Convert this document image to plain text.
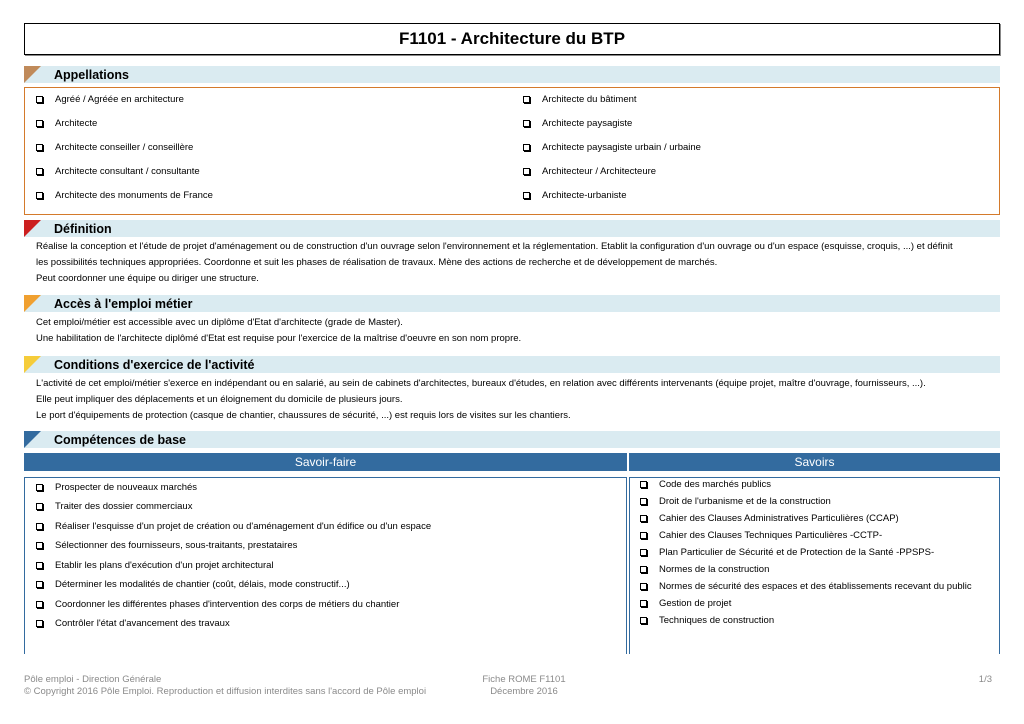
F1101 - Architecture du BTP
Appellations
Agréé / Agréée en architecture
Architecte
Architecte conseiller / conseillère
Architecte consultant / consultante
Architecte des monuments de France
Architecte du bâtiment
Architecte paysagiste
Architecte paysagiste urbain / urbaine
Architecteur / Architecteure
Architecte-urbaniste
Définition
Réalise la conception et l'étude de projet d'aménagement ou de construction d'un ouvrage selon l'environnement et la réglementation. Etablit la configuration d'un ouvrage ou d'un espace (esquisse, croquis, ...) et définit
les possibilités techniques appropriées. Coordonne et suit les phases de réalisation de travaux. Mène des actions de recherche et de développement de marchés.
Peut coordonner une équipe ou diriger une structure.
Accès à l'emploi métier
Cet emploi/métier est accessible avec un diplôme d'Etat d'architecte (grade de Master).
Une habilitation de l'architecte diplômé d'Etat est requise pour l'exercice de la maîtrise d'oeuvre en son nom propre.
Conditions d'exercice de l'activité
L'activité de cet emploi/métier s'exerce en indépendant ou en salarié, au sein de cabinets d'architectes, bureaux d'études, en relation avec différents intervenants (équipe projet, maître d'ouvrage, fournisseurs, ...).
Elle peut impliquer des déplacements et un éloignement du domicile de plusieurs jours.
Le port d'équipements de protection (casque de chantier, chaussures de sécurité, ...) est requis lors de visites sur les chantiers.
Compétences de base
Savoir-faire	Savoirs
Prospecter de nouveaux marchés
Traiter des dossier commerciaux
Réaliser l'esquisse d'un projet de création ou d'aménagement d'un édifice ou d'un espace
Sélectionner des fournisseurs, sous-traitants, prestataires
Etablir les plans d'exécution d'un projet architectural
Déterminer les modalités de chantier (coût, délais, mode constructif...)
Coordonner les différentes phases d'intervention des corps de métiers du chantier
Contrôler l'état d'avancement des travaux
Code des marchés publics
Droit de l'urbanisme et de la construction
Cahier des Clauses Administratives Particulières (CCAP)
Cahier des Clauses Techniques Particulières -CCTP-
Plan Particulier de Sécurité et de Protection de la Santé -PPSPS-
Normes de la construction
Normes de sécurité des espaces et des établissements recevant du public
Gestion de projet
Techniques de construction
Pôle emploi - Direction Générale
© Copyright 2016 Pôle Emploi. Reproduction et diffusion interdites sans l'accord de Pôle emploi
Fiche ROME F1101
Décembre 2016
1/3
